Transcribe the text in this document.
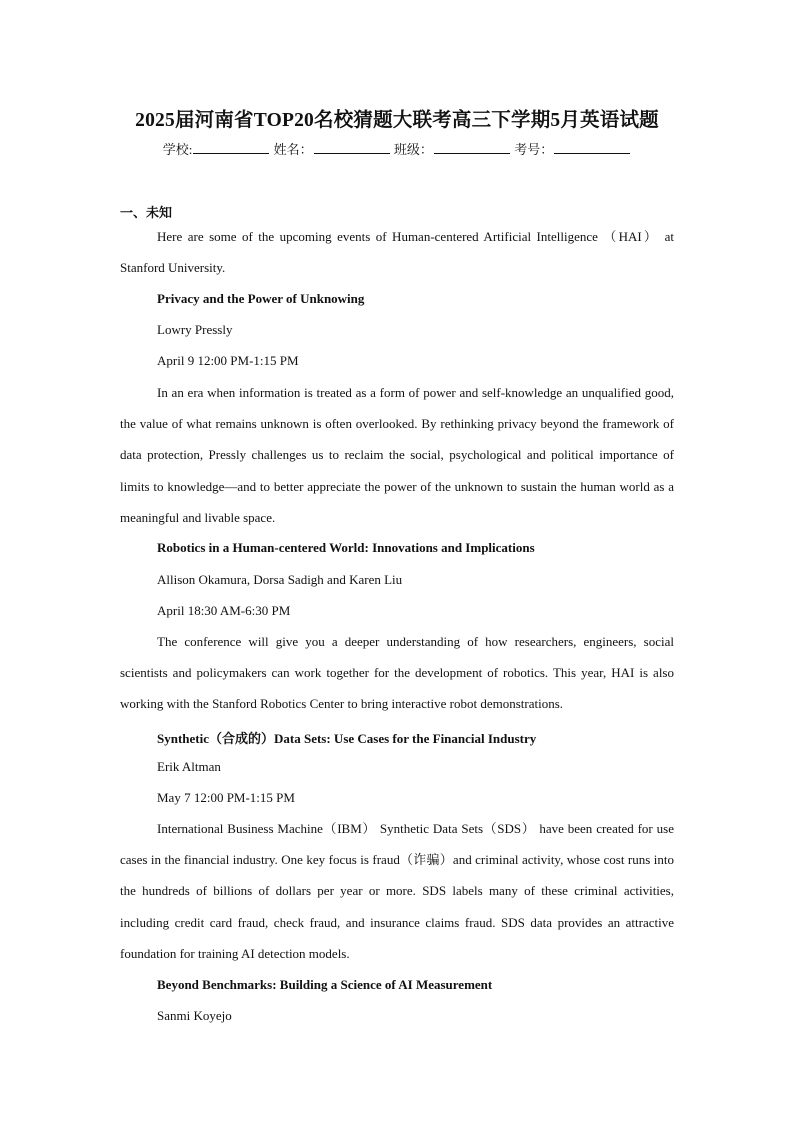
2025届河南省TOP20名校猜题大联考高三下学期5月英语试题
学校:	姓名：	班级：	考号：
一、未知
Here are some of the upcoming events of Human-centered Artificial Intelligence （HAI） at Stanford University.
Privacy and the Power of Unknowing
Lowry Pressly
April 9 12:00 PM-1:15 PM
In an era when information is treated as a form of power and self-knowledge an unqualified good, the value of what remains unknown is often overlooked. By rethinking privacy beyond the framework of data protection, Pressly challenges us to reclaim the social, psychological and political importance of limits to knowledge—and to better appreciate the power of the unknown to sustain the human world as a meaningful and livable space.
Robotics in a Human-centered World: Innovations and Implications
Allison Okamura, Dorsa Sadigh and Karen Liu
April 18:30 AM-6:30 PM
The conference will give you a deeper understanding of how researchers, engineers, social scientists and policymakers can work together for the development of robotics. This year, HAI is also working with the Stanford Robotics Center to bring interactive robot demonstrations.
Synthetic（合成的）Data Sets: Use Cases for the Financial Industry
Erik Altman
May 7 12:00 PM-1:15 PM
International Business Machine（IBM） Synthetic Data Sets（SDS） have been created for use cases in the financial industry. One key focus is fraud（诈骗）and criminal activity, whose cost runs into the hundreds of billions of dollars per year or more. SDS labels many of these criminal activities, including credit card fraud, check fraud, and insurance claims fraud. SDS data provides an attractive foundation for training AI detection models.
Beyond Benchmarks: Building a Science of AI Measurement
Sanmi Koyejo
